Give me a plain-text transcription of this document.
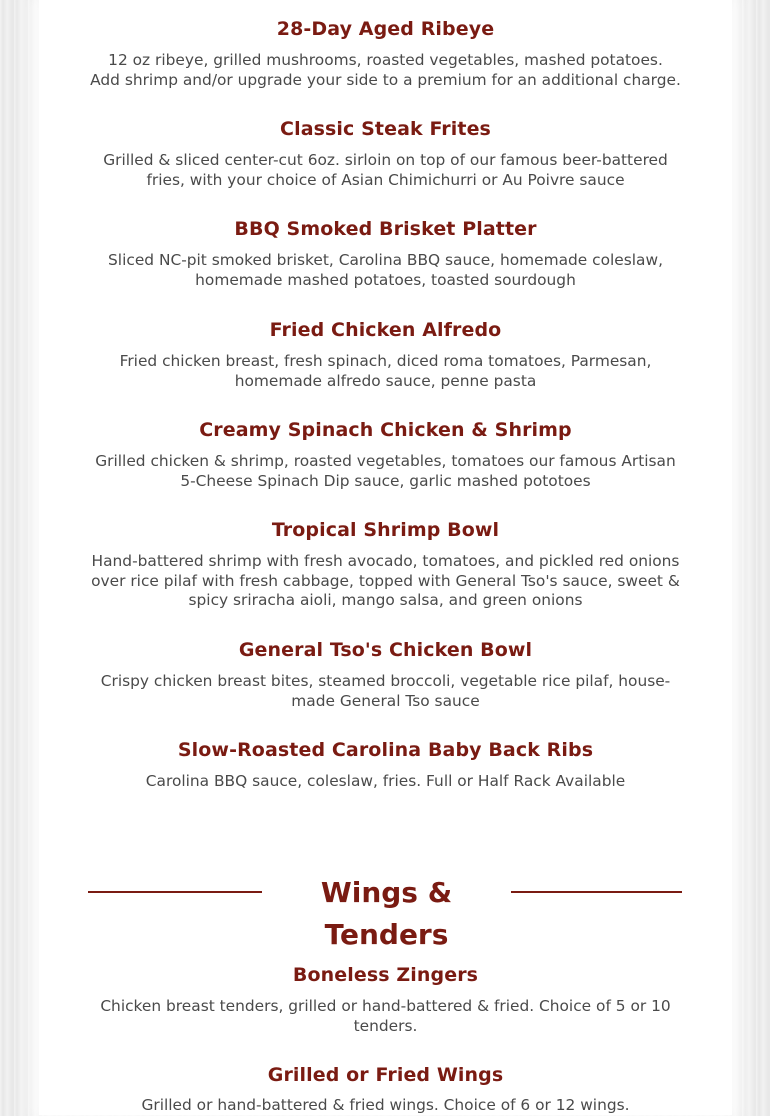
28-Day Aged Ribeye
12 oz ribeye, grilled mushrooms, roasted vegetables, mashed potatoes.
Add shrimp and/or upgrade your side to a premium for an additional charge.
Classic Steak Frites
Grilled & sliced center-cut 6oz. sirloin on top of our famous beer-battered
fries, with your choice of Asian Chimichurri or Au Poivre sauce
BBQ Smoked Brisket Platter
Sliced NC-pit smoked brisket, Carolina BBQ sauce, homemade coleslaw,
homemade mashed potatoes, toasted sourdough
Fried Chicken Alfredo
Fried chicken breast, fresh spinach, diced roma tomatoes, Parmesan,
homemade alfredo sauce, penne pasta
Creamy Spinach Chicken & Shrimp
Grilled chicken & shrimp, roasted vegetables, tomatoes our famous Artisan
5-Cheese Spinach Dip sauce, garlic mashed pototoes
Tropical Shrimp Bowl
Hand-battered shrimp with fresh avocado, tomatoes, and pickled red onions
over rice pilaf with fresh cabbage, topped with General Tso's sauce, sweet &
spicy sriracha aioli, mango salsa, and green onions
General Tso's Chicken Bowl
Crispy chicken breast bites, steamed broccoli, vegetable rice pilaf, house-
made General Tso sauce
Slow-Roasted Carolina Baby Back Ribs
Carolina BBQ sauce, coleslaw, fries. Full or Half Rack Available
Wings & Tenders
Boneless Zingers
Chicken breast tenders, grilled or hand-battered & fried. Choice of 5 or 10
tenders.
Grilled or Fried Wings
Grilled or hand-battered & fried wings. Choice of 6 or 12 wings.
